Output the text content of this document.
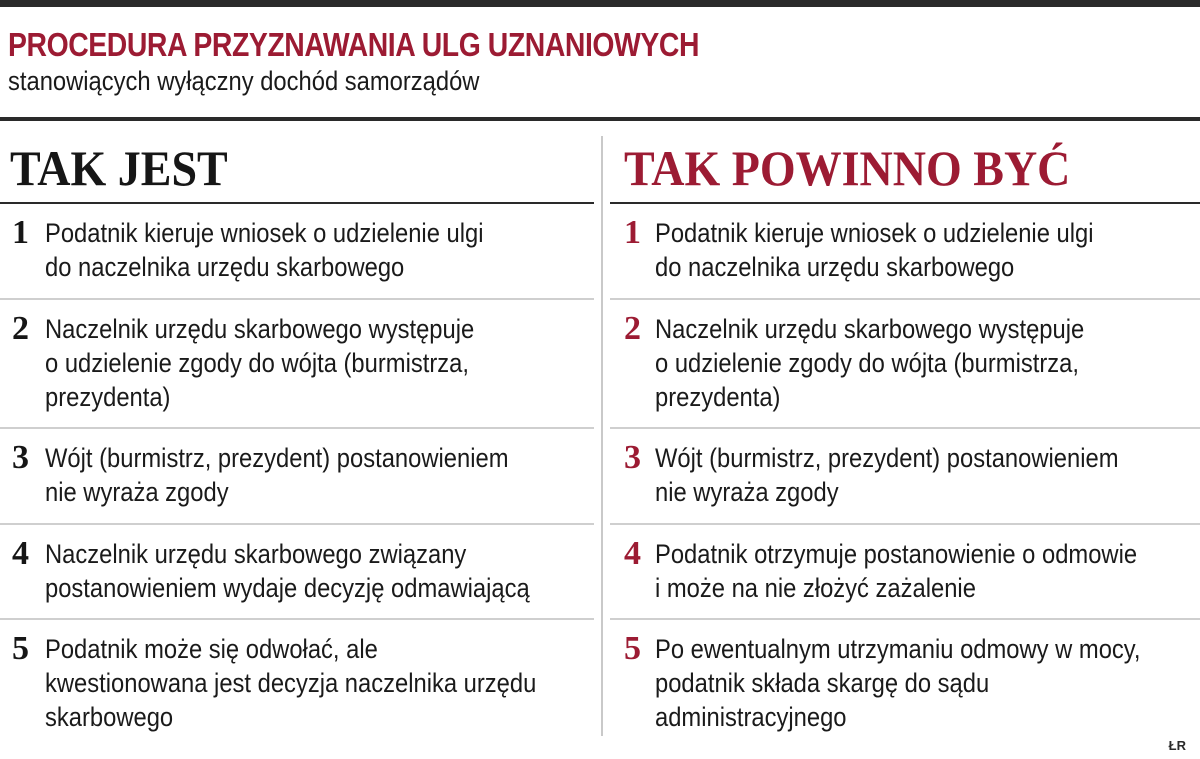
PROCEDURA PRZYZNAWANIA ULG UZNANIOWYCH
stanowiących wyłączny dochód samorządów
TAK JEST
1 Podatnik kieruje wniosek o udzielenie ulgi
do naczelnika urzędu skarbowego
2 Naczelnik urzędu skarbowego występuje
o udzielenie zgody do wójta (burmistrza,
prezydenta)
3 Wójt (burmistrz, prezydent) postanowieniem
nie wyraża zgody
4 Naczelnik urzędu skarbowego związany
postanowieniem wydaje decyzję odmawiającą
5 Podatnik może się odwołać, ale
kwestionowana jest decyzja naczelnika urzędu
skarbowego
TAK POWINNO BYĆ
1 Podatnik kieruje wniosek o udzielenie ulgi
do naczelnika urzędu skarbowego
2 Naczelnik urzędu skarbowego występuje
o udzielenie zgody do wójta (burmistrza,
prezydenta)
3 Wójt (burmistrz, prezydent) postanowieniem
nie wyraża zgody
4 Podatnik otrzymuje postanowienie o odmowie
i może na nie złożyć zażalenie
5 Po ewentualnym utrzymaniu odmowy w mocy,
podatnik składa skargę do sądu
administracyjnego
ŁR
